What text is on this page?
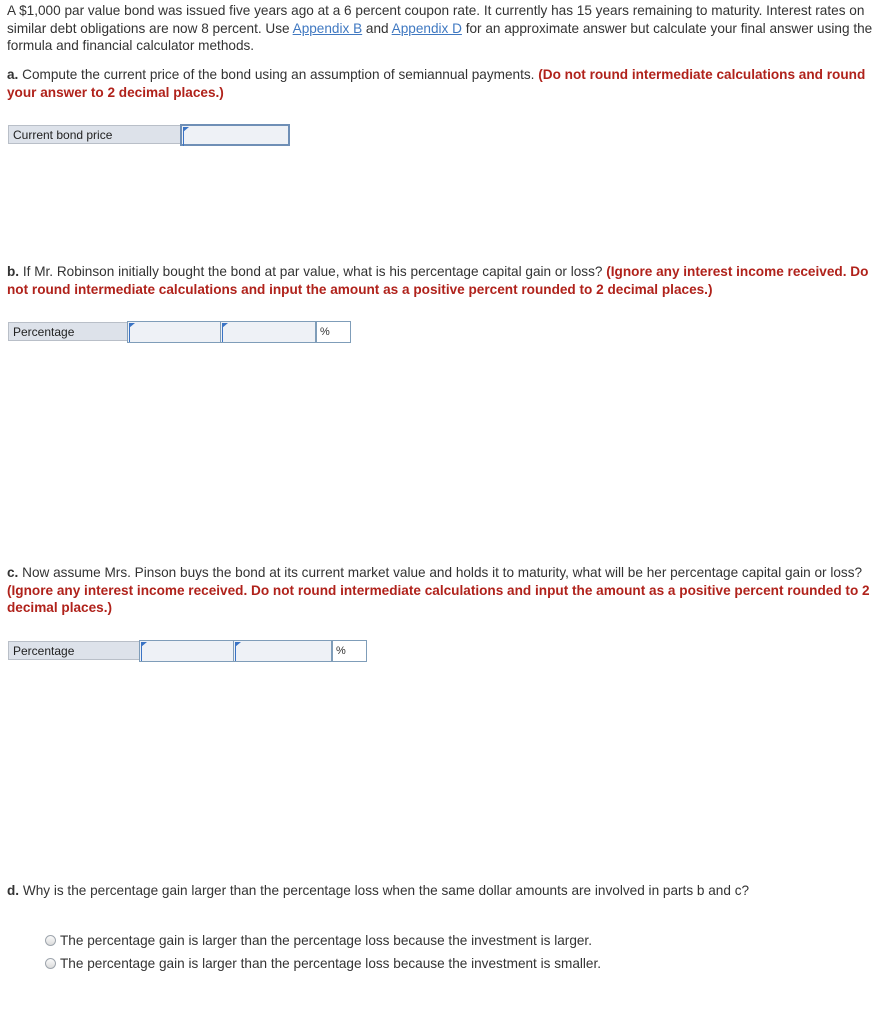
A $1,000 par value bond was issued five years ago at a 6 percent coupon rate. It currently has 15 years remaining to maturity. Interest rates on similar debt obligations are now 8 percent. Use Appendix B and Appendix D for an approximate answer but calculate your final answer using the formula and financial calculator methods.
a. Compute the current price of the bond using an assumption of semiannual payments. (Do not round intermediate calculations and round your answer to 2 decimal places.)
Current bond price
b. If Mr. Robinson initially bought the bond at par value, what is his percentage capital gain or loss? (Ignore any interest income received. Do not round intermediate calculations and input the amount as a positive percent rounded to 2 decimal places.)
Percentage	%
c. Now assume Mrs. Pinson buys the bond at its current market value and holds it to maturity, what will be her percentage capital gain or loss? (Ignore any interest income received. Do not round intermediate calculations and input the amount as a positive percent rounded to 2 decimal places.)
Percentage	%
d. Why is the percentage gain larger than the percentage loss when the same dollar amounts are involved in parts b and c?
The percentage gain is larger than the percentage loss because the investment is larger.
The percentage gain is larger than the percentage loss because the investment is smaller.
